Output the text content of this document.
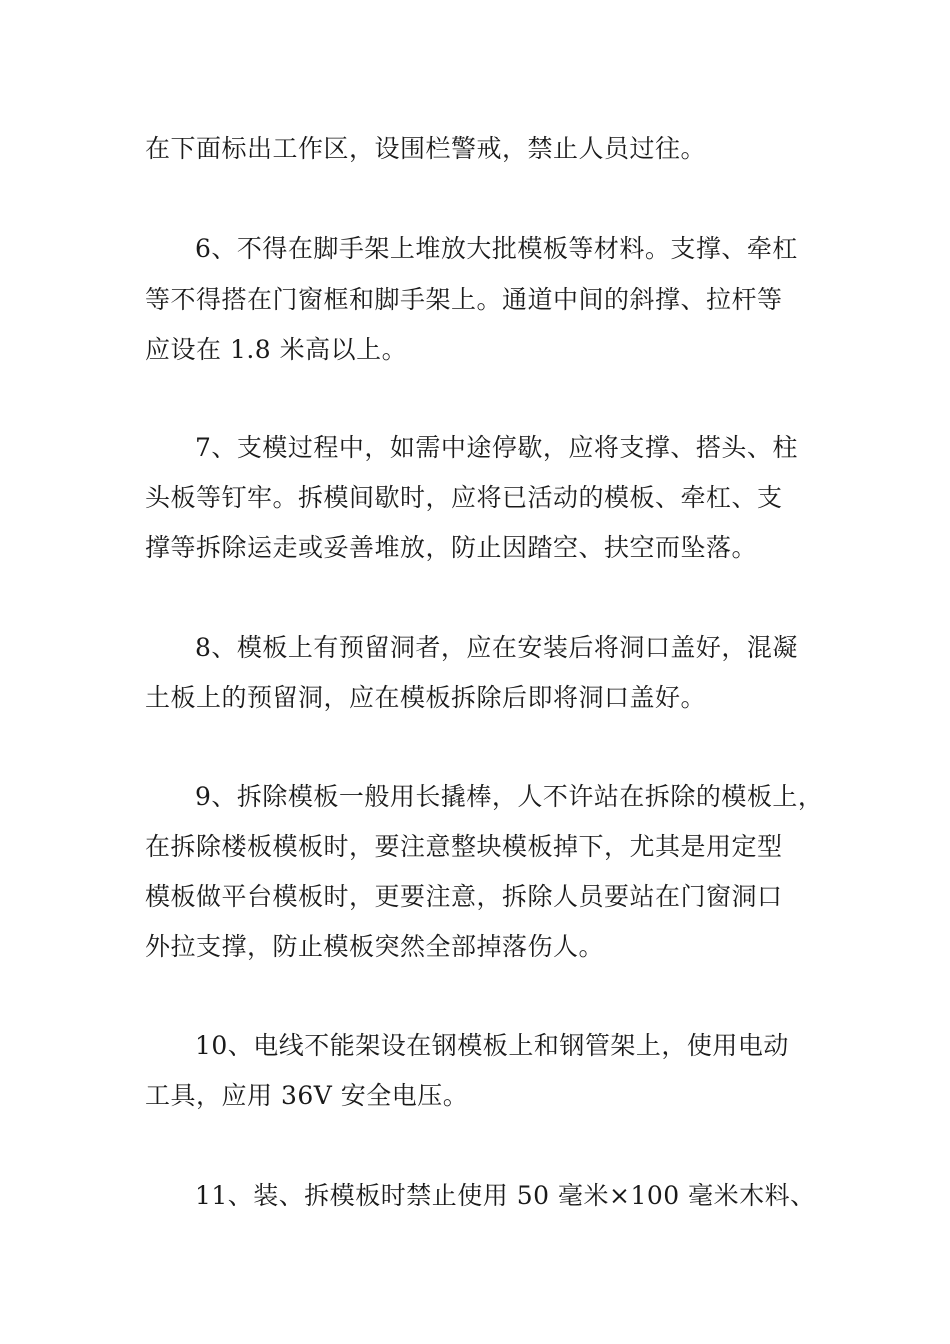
在下面标出工作区，设围栏警戒，禁止人员过往。
6、不得在脚手架上堆放大批模板等材料。支撑、牵杠
等不得搭在门窗框和脚手架上。通道中间的斜撑、拉杆等
应设在 1.8 米高以上。
7、支模过程中，如需中途停歇，应将支撑、搭头、柱
头板等钉牢。拆模间歇时，应将已活动的模板、牵杠、支
撑等拆除运走或妥善堆放，防止因踏空、扶空而坠落。
8、模板上有预留洞者，应在安装后将洞口盖好，混凝
土板上的预留洞，应在模板拆除后即将洞口盖好。
9、拆除模板一般用长撬棒，人不许站在拆除的模板上，
在拆除楼板模板时，要注意整块模板掉下，尤其是用定型
模板做平台模板时，更要注意，拆除人员要站在门窗洞口
外拉支撑，防止模板突然全部掉落伤人。
10、电线不能架设在钢模板上和钢管架上，使用电动
工具，应用 36V 安全电压。
11、装、拆模板时禁止使用 50 毫米×100 毫米木料、
